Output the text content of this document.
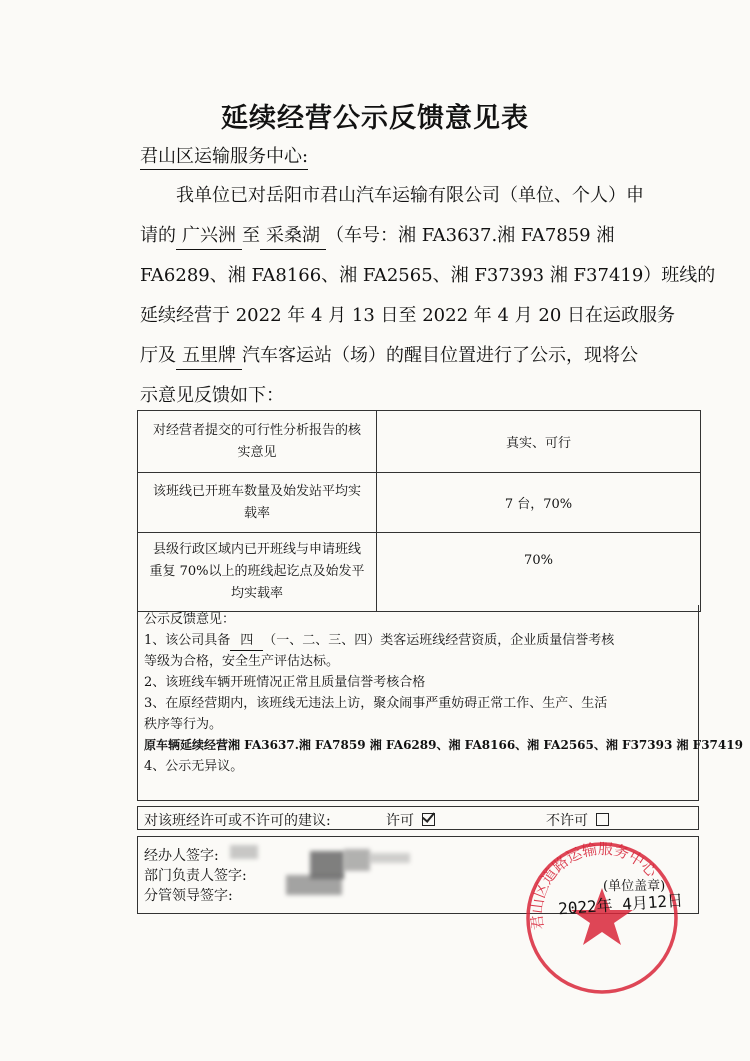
延续经营公示反馈意见表
君山区运输服务中心:
我单位已对岳阳市君山汽车运输有限公司（单位、个人）申
请的 广兴洲 至 采桑湖 （车号：湘 FA3637.湘 FA7859 湘
FA6289、湘 FA8166、湘 FA2565、湘 F37393 湘 F37419）班线的
延续经营于 2022 年 4 月 13 日至 2022 年 4 月 20 日在运政服务
厅及 五里牌 汽车客运站（场）的醒目位置进行了公示，现将公
示意见反馈如下：
对经营者提交的可行性分析报告的核实意见	真实、可行
该班线已开班车数量及始发站平均实载率	7 台，70%
县级行政区域内已开班线与申请班线重复 70%以上的班线起讫点及始发平均实载率	70%
公示反馈意见：
1、该公司具备 四 （一、二、三、四）类客运班线经营资质，企业质量信誉考核
等级为合格，安全生产评估达标。
2、该班线车辆开班情况正常且质量信誉考核合格
3、在原经营期内，该班线无违法上访，聚众闹事严重妨碍正常工作、生产、生活
秩序等行为。
原车辆延续经营湘 FA3637.湘 FA7859 湘 FA6289、湘 FA8166、湘 FA2565、湘 F37393 湘 F37419
4、公示无异议。
对该班经许可或不许可的建议:	许可	不许可
经办人签字:
部门负责人签字:
分管领导签字:
君山区道路运输服务中心
(单位盖章)
2022年 4月12日
